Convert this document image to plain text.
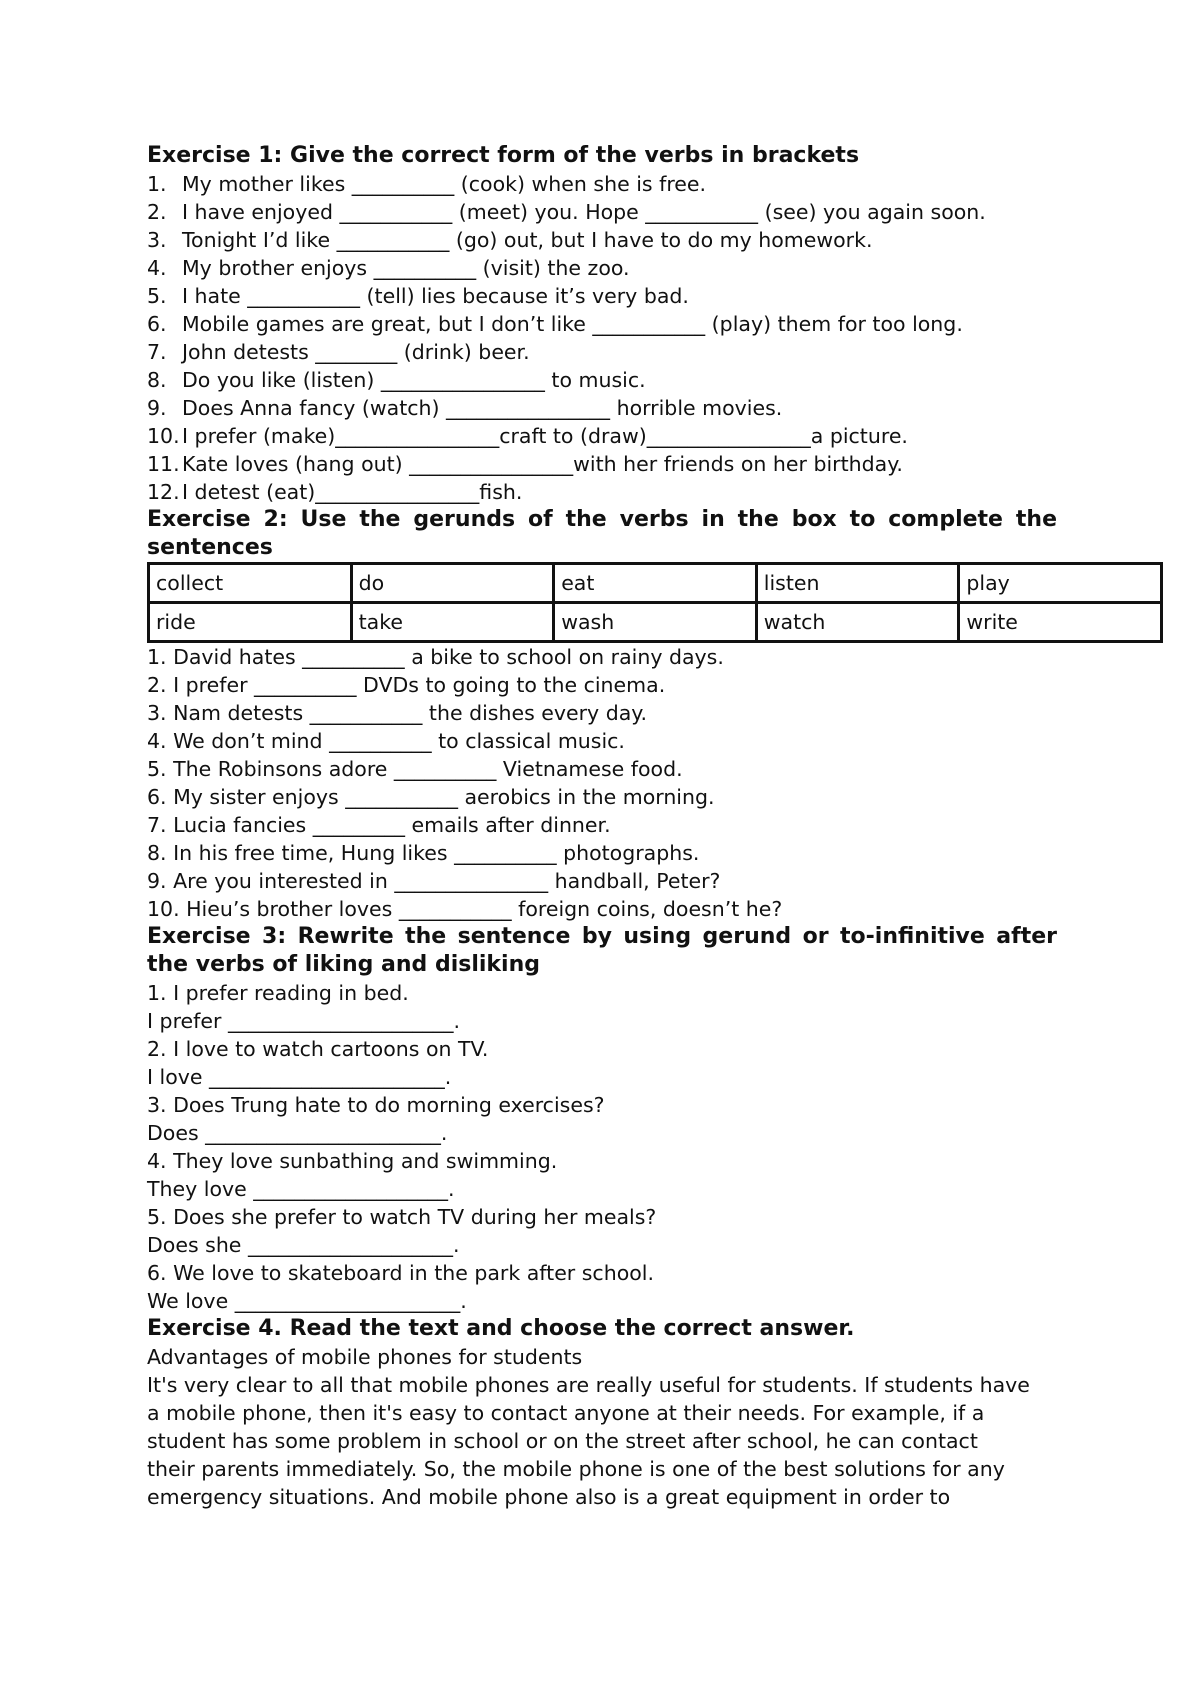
Exercise 1: Give the correct form of the verbs in brackets
1. My mother likes __________ (cook) when she is free.
2. I have enjoyed ___________ (meet) you. Hope ___________ (see) you again soon.
3. Tonight I’d like ___________ (go) out, but I have to do my homework.
4. My brother enjoys __________ (visit) the zoo.
5. I hate ___________ (tell) lies because it’s very bad.
6. Mobile games are great, but I don’t like ___________ (play) them for too long.
7. John detests ________ (drink) beer.
8. Do you like (listen) ________________ to music.
9. Does Anna fancy (watch) ________________ horrible movies.
10. I prefer (make)________________craft to (draw)________________a picture.
11. Kate loves (hang out) ________________with her friends on her birthday.
12. I detest (eat)________________fish.
Exercise 2: Use the gerunds of the verbs in the box to complete the sentences
collect	do	eat	listen	play
ride	take	wash	watch	write
1. David hates __________ a bike to school on rainy days.
2. I prefer __________ DVDs to going to the cinema.
3. Nam detests ___________ the dishes every day.
4. We don’t mind __________ to classical music.
5. The Robinsons adore __________ Vietnamese food.
6. My sister enjoys ___________ aerobics in the morning.
7. Lucia fancies _________ emails after dinner.
8. In his free time, Hung likes __________ photographs.
9. Are you interested in _______________ handball, Peter?
10. Hieu’s brother loves ___________ foreign coins, doesn’t he?
Exercise 3: Rewrite the sentence by using gerund or to-infinitive after the verbs of liking and disliking
1. I prefer reading in bed.
I prefer ______________________.
2. I love to watch cartoons on TV.
I love _______________________.
3. Does Trung hate to do morning exercises?
Does _______________________.
4. They love sunbathing and swimming.
They love ___________________.
5. Does she prefer to watch TV during her meals?
Does she ____________________.
6. We love to skateboard in the park after school.
We love ______________________.
Exercise 4. Read the text and choose the correct answer.
Advantages of mobile phones for students
It's very clear to all that mobile phones are really useful for students. If students have
a mobile phone, then it's easy to contact anyone at their needs. For example, if a
student has some problem in school or on the street after school, he can contact
their parents immediately. So, the mobile phone is one of the best solutions for any
emergency situations. And mobile phone also is a great equipment in order to
